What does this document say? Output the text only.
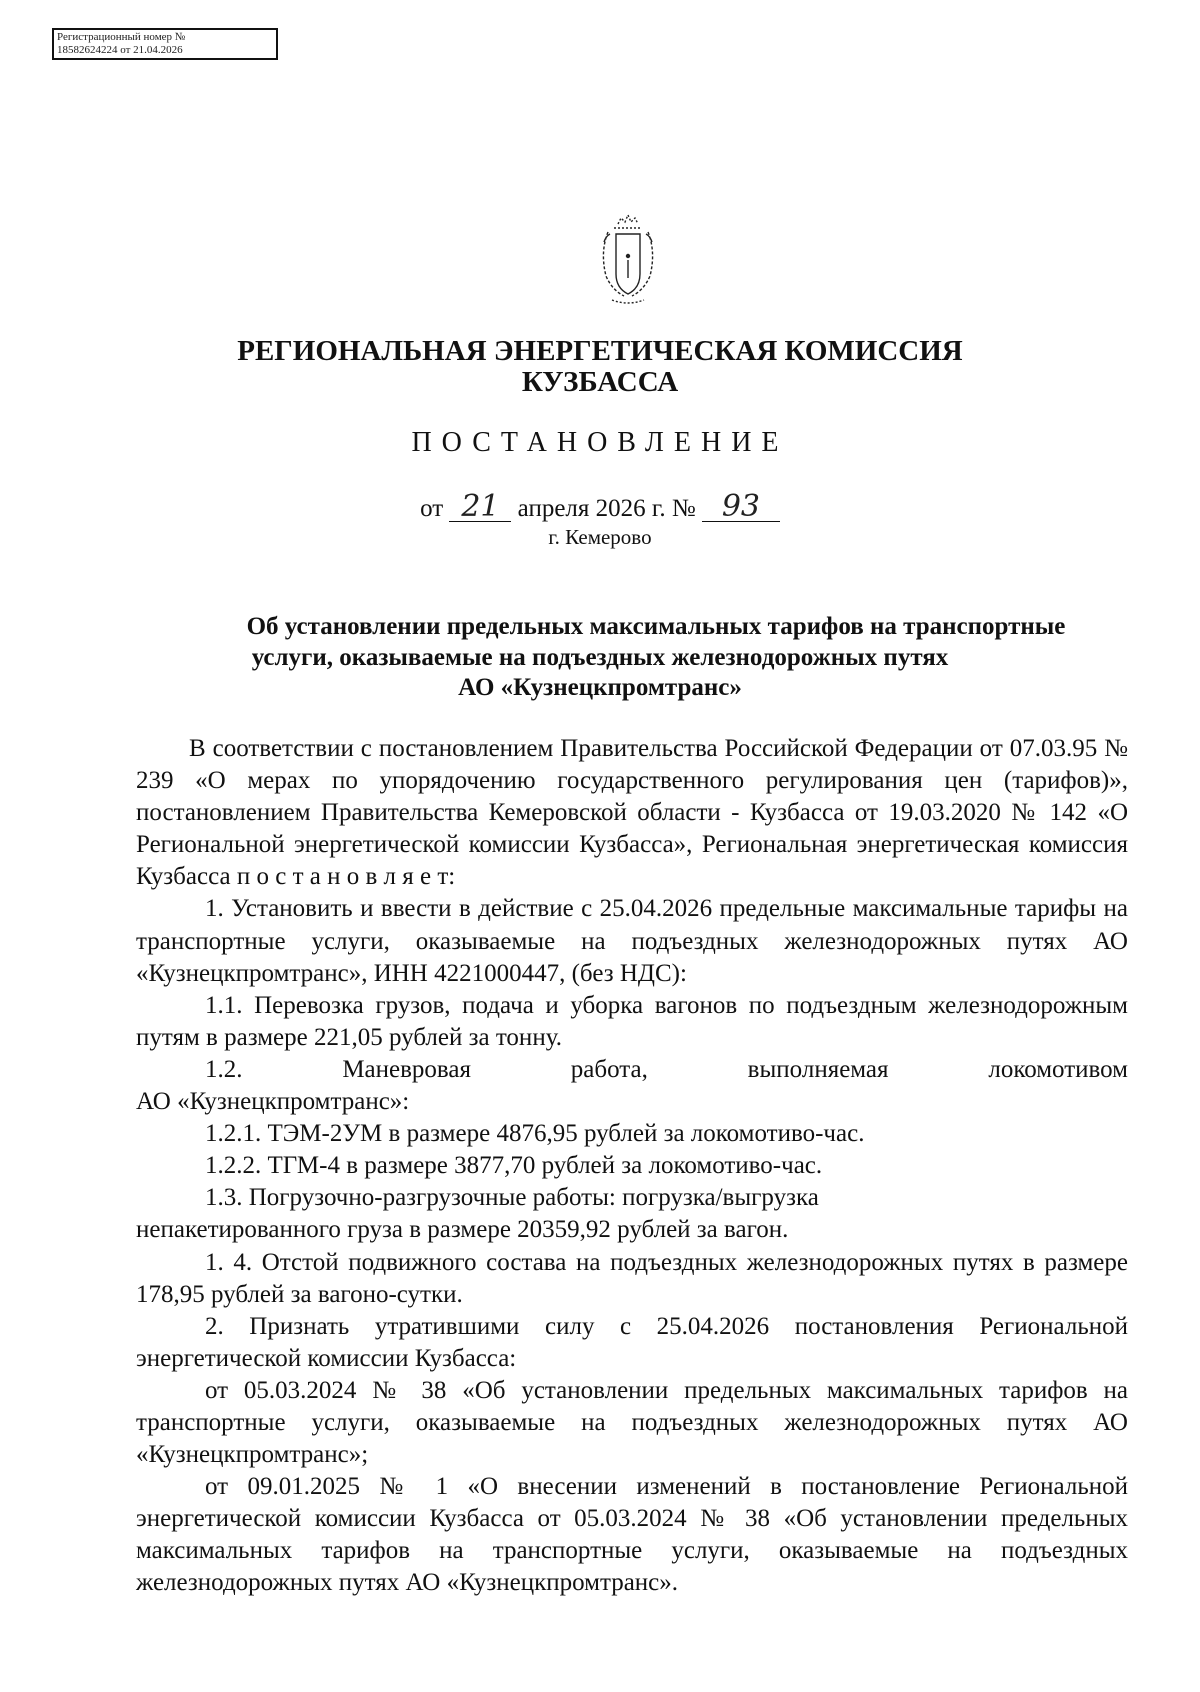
Регистрационный номер №
18582624224 от 21.04.2026
РЕГИОНАЛЬНАЯ ЭНЕРГЕТИЧЕСКАЯ КОМИССИЯ
КУЗБАССА
ПОСТАНОВЛЕНИЕ
от 21 апреля 2026 г. № 93
г. Кемерово
Об установлении предельных максимальных тарифов на транспортные
услуги, оказываемые на подъездных железнодорожных путях
АО «Кузнецкпромтранс»

В соответствии с постановлением Правительства Российской Федерации от 07.03.95 № 239 «О мерах по упорядочению государственного регулирования цен (тарифов)», постановлением Правительства Кемеровской области - Кузбасса от 19.03.2020 № 142 «О Региональной энергетической комиссии Кузбасса», Региональная энергетическая комиссия Кузбасса п о с т а н о в л я е т:

1. Установить и ввести в действие с 25.04.2026 предельные максимальные тарифы на транспортные услуги, оказываемые на подъездных железнодорожных путях АО «Кузнецкпромтранс», ИНН 4221000447, (без НДС):

1.1. Перевозка грузов, подача и уборка вагонов по подъездным железнодорожным путям в размере 221,05 рублей за тонну.

1.2. Маневровая работа, выполняемая локомотивом

АО «Кузнецкпромтранс»:

1.2.1. ТЭМ-2УМ в размере 4876,95 рублей за локомотиво-час.

1.2.2. ТГМ-4 в размере 3877,70 рублей за локомотиво-час.

1.3. Погрузочно-разгрузочные работы: погрузка/выгрузка

непакетированного груза в размере 20359,92 рублей за вагон.

1. 4. Отстой подвижного состава на подъездных железнодорожных путях в размере 178,95 рублей за вагоно-сутки.

2. Признать утратившими силу с 25.04.2026 постановления Региональной энергетической комиссии Кузбасса:

от 05.03.2024 № 38 «Об установлении предельных максимальных тарифов на транспортные услуги, оказываемые на подъездных железнодорожных путях АО «Кузнецкпромтранс»;

от 09.01.2025 № 1 «О внесении изменений в постановление Региональной энергетической комиссии Кузбасса от 05.03.2024 № 38 «Об установлении предельных максимальных тарифов на транспортные услуги, оказываемые на подъездных железнодорожных путях АО «Кузнецкпромтранс».
